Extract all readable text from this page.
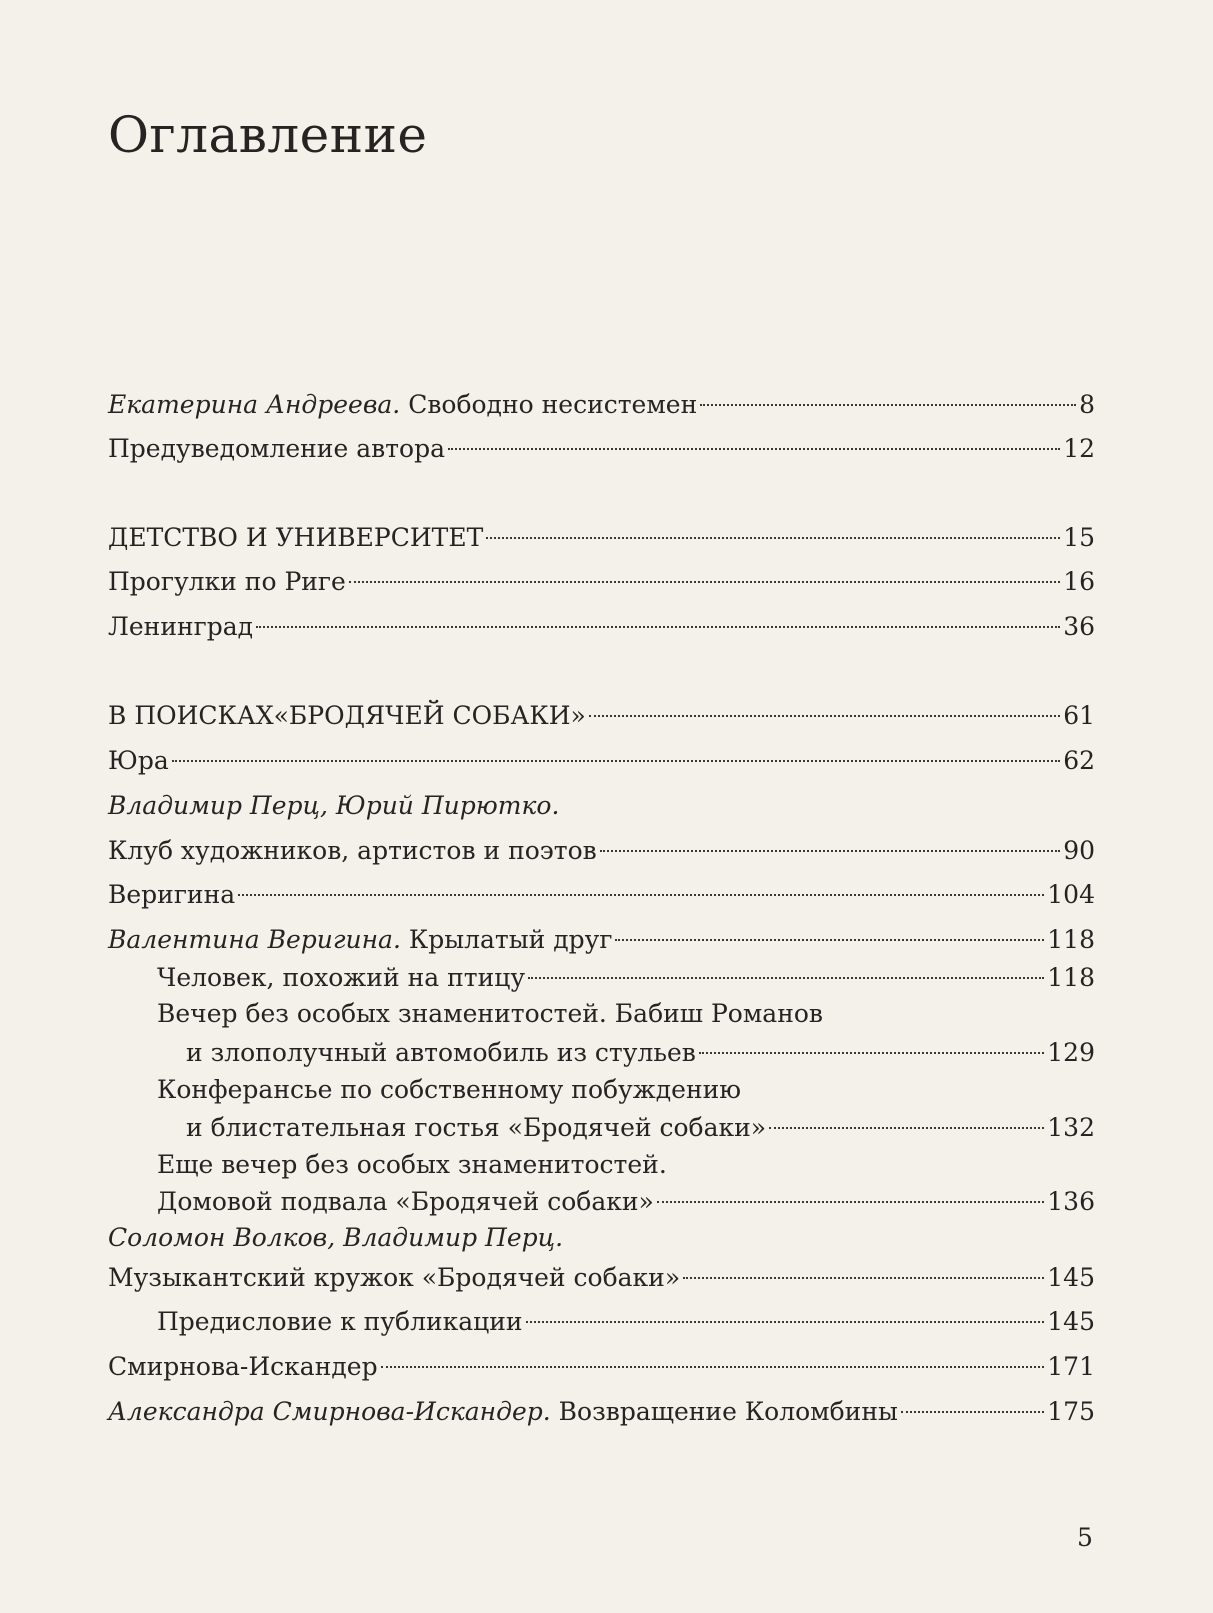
Оглавление
Екатерина Андреева. Свободно несистемен	8
Предуведомление автора	12
ДЕТСТВО И УНИВЕРСИТЕТ	15
Прогулки по Риге	16
Ленинград	36
В ПОИСКАХ«БРОДЯЧЕЙ СОБАКИ»	61
Юра	62
Владимир Перц, Юрий Пирютко.
Клуб художников, артистов и поэтов	90
Веригина	104
Валентина Веригина. Крылатый друг	118
Человек, похожий на птицу	118
Вечер без особых знаменитостей. Бабиш Романов
и злополучный автомобиль из стульев	129
Конферансье по собственному побуждению
и блистательная гостья «Бродячей собаки»	132
Еще вечер без особых знаменитостей.
Домовой подвала «Бродячей собаки»	136
Соломон Волков, Владимир Перц.
Музыкантский кружок «Бродячей собаки»	145
Предисловие к публикации	145
Смирнова-Искандер	171
Александра Смирнова-Искандер. Возвращение Коломбины	175
5
